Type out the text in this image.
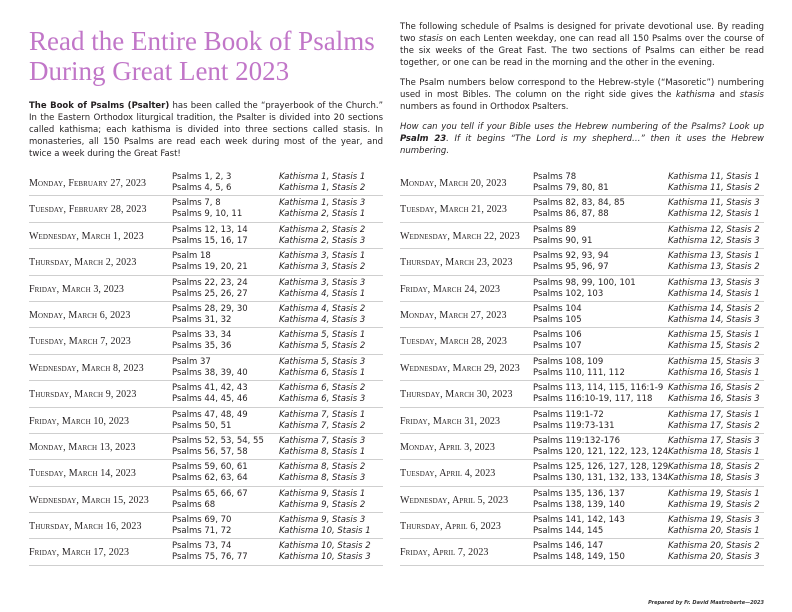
Read the Entire Book of Psalms
During Great Lent 2023

The Book of Psalms (Psalter) has been called the “prayerbook of the Church.” In the Eastern Orthodox liturgical tradition, the Psalter is divided into 20 sections called kathisma; each kathisma is divided into three sections called stasis. In monasteries, all 150 Psalms are read each week during most of the year, and twice a week during the Great Fast!

The following schedule of Psalms is designed for private devotional use. By reading two stasis on each Lenten weekday, one can read all 150 Psalms over the course of the six weeks of the Great Fast. The two sections of Psalms can either be read together, or one can be read in the morning and the other in the evening.

The Psalm numbers below correspond to the Hebrew-style (“Masoretic”) numbering used in most Bibles. The column on the right side gives the kathisma and stasis numbers as found in Orthodox Psalters.

How can you tell if your Bible uses the Hebrew numbering of the Psalms? Look up Psalm 23. If it begins “The Lord is my shepherd…” then it uses the Hebrew numbering.

Monday, February 27, 2023
Psalms 1, 2, 3
Psalms 4, 5, 6
Kathisma 1, Stasis 1
Kathisma 1, Stasis 2
Tuesday, February 28, 2023
Psalms 7, 8
Psalms 9, 10, 11
Kathisma 1, Stasis 3
Kathisma 2, Stasis 1
Wednesday, March 1, 2023
Psalms 12, 13, 14
Psalms 15, 16, 17
Kathisma 2, Stasis 2
Kathisma 2, Stasis 3
Thursday, March 2, 2023
Psalm 18
Psalms 19, 20, 21
Kathisma 3, Stasis 1
Kathisma 3, Stasis 2
Friday, March 3, 2023
Psalms 22, 23, 24
Psalms 25, 26, 27
Kathisma 3, Stasis 3
Kathisma 4, Stasis 1
Monday, March 6, 2023
Psalms 28, 29, 30
Psalms 31, 32
Kathisma 4, Stasis 2
Kathisma 4, Stasis 3
Tuesday, March 7, 2023
Psalms 33, 34
Psalms 35, 36
Kathisma 5, Stasis 1
Kathisma 5, Stasis 2
Wednesday, March 8, 2023
Psalm 37
Psalms 38, 39, 40
Kathisma 5, Stasis 3
Kathisma 6, Stasis 1
Thursday, March 9, 2023
Psalms 41, 42, 43
Psalms 44, 45, 46
Kathisma 6, Stasis 2
Kathisma 6, Stasis 3
Friday, March 10, 2023
Psalms 47, 48, 49
Psalms 50, 51
Kathisma 7, Stasis 1
Kathisma 7, Stasis 2
Monday, March 13, 2023
Psalms 52, 53, 54, 55
Psalms 56, 57, 58
Kathisma 7, Stasis 3
Kathisma 8, Stasis 1
Tuesday, March 14, 2023
Psalms 59, 60, 61
Psalms 62, 63, 64
Kathisma 8, Stasis 2
Kathisma 8, Stasis 3
Wednesday, March 15, 2023
Psalms 65, 66, 67
Psalms 68
Kathisma 9, Stasis 1
Kathisma 9, Stasis 2
Thursday, March 16, 2023
Psalms 69, 70
Psalms 71, 72
Kathisma 9, Stasis 3
Kathisma 10, Stasis 1
Friday, March 17, 2023
Psalms 73, 74
Psalms 75, 76, 77
Kathisma 10, Stasis 2
Kathisma 10, Stasis 3
Monday, March 20, 2023
Psalms 78
Psalms 79, 80, 81
Kathisma 11, Stasis 1
Kathisma 11, Stasis 2
Tuesday, March 21, 2023
Psalms 82, 83, 84, 85
Psalms 86, 87, 88
Kathisma 11, Stasis 3
Kathisma 12, Stasis 1
Wednesday, March 22, 2023
Psalms 89
Psalms 90, 91
Kathisma 12, Stasis 2
Kathisma 12, Stasis 3
Thursday, March 23, 2023
Psalms 92, 93, 94
Psalms 95, 96, 97
Kathisma 13, Stasis 1
Kathisma 13, Stasis 2
Friday, March 24, 2023
Psalms 98, 99, 100, 101
Psalms 102, 103
Kathisma 13, Stasis 3
Kathisma 14, Stasis 1
Monday, March 27, 2023
Psalms 104
Psalms 105
Kathisma 14, Stasis 2
Kathisma 14, Stasis 3
Tuesday, March 28, 2023
Psalms 106
Psalms 107
Kathisma 15, Stasis 1
Kathisma 15, Stasis 2
Wednesday, March 29, 2023
Psalms 108, 109
Psalms 110, 111, 112
Kathisma 15, Stasis 3
Kathisma 16, Stasis 1
Thursday, March 30, 2023
Psalms 113, 114, 115, 116:1-9
Psalms 116:10-19, 117, 118
Kathisma 16, Stasis 2
Kathisma 16, Stasis 3
Friday, March 31, 2023
Psalms 119:1-72
Psalms 119:73-131
Kathisma 17, Stasis 1
Kathisma 17, Stasis 2
Monday, April 3, 2023
Psalms 119:132-176
Psalms 120, 121, 122, 123, 124
Kathisma 17, Stasis 3
Kathisma 18, Stasis 1
Tuesday, April 4, 2023
Psalms 125, 126, 127, 128, 129
Psalms 130, 131, 132, 133, 134
Kathisma 18, Stasis 2
Kathisma 18, Stasis 3
Wednesday, April 5, 2023
Psalms 135, 136, 137
Psalms 138, 139, 140
Kathisma 19, Stasis 1
Kathisma 19, Stasis 2
Thursday, April 6, 2023
Psalms 141, 142, 143
Psalms 144, 145
Kathisma 19, Stasis 3
Kathisma 20, Stasis 1
Friday, April 7, 2023
Psalms 146, 147
Psalms 148, 149, 150
Kathisma 20, Stasis 2
Kathisma 20, Stasis 3

Prepared by Fr. David Mastroberte—2023
